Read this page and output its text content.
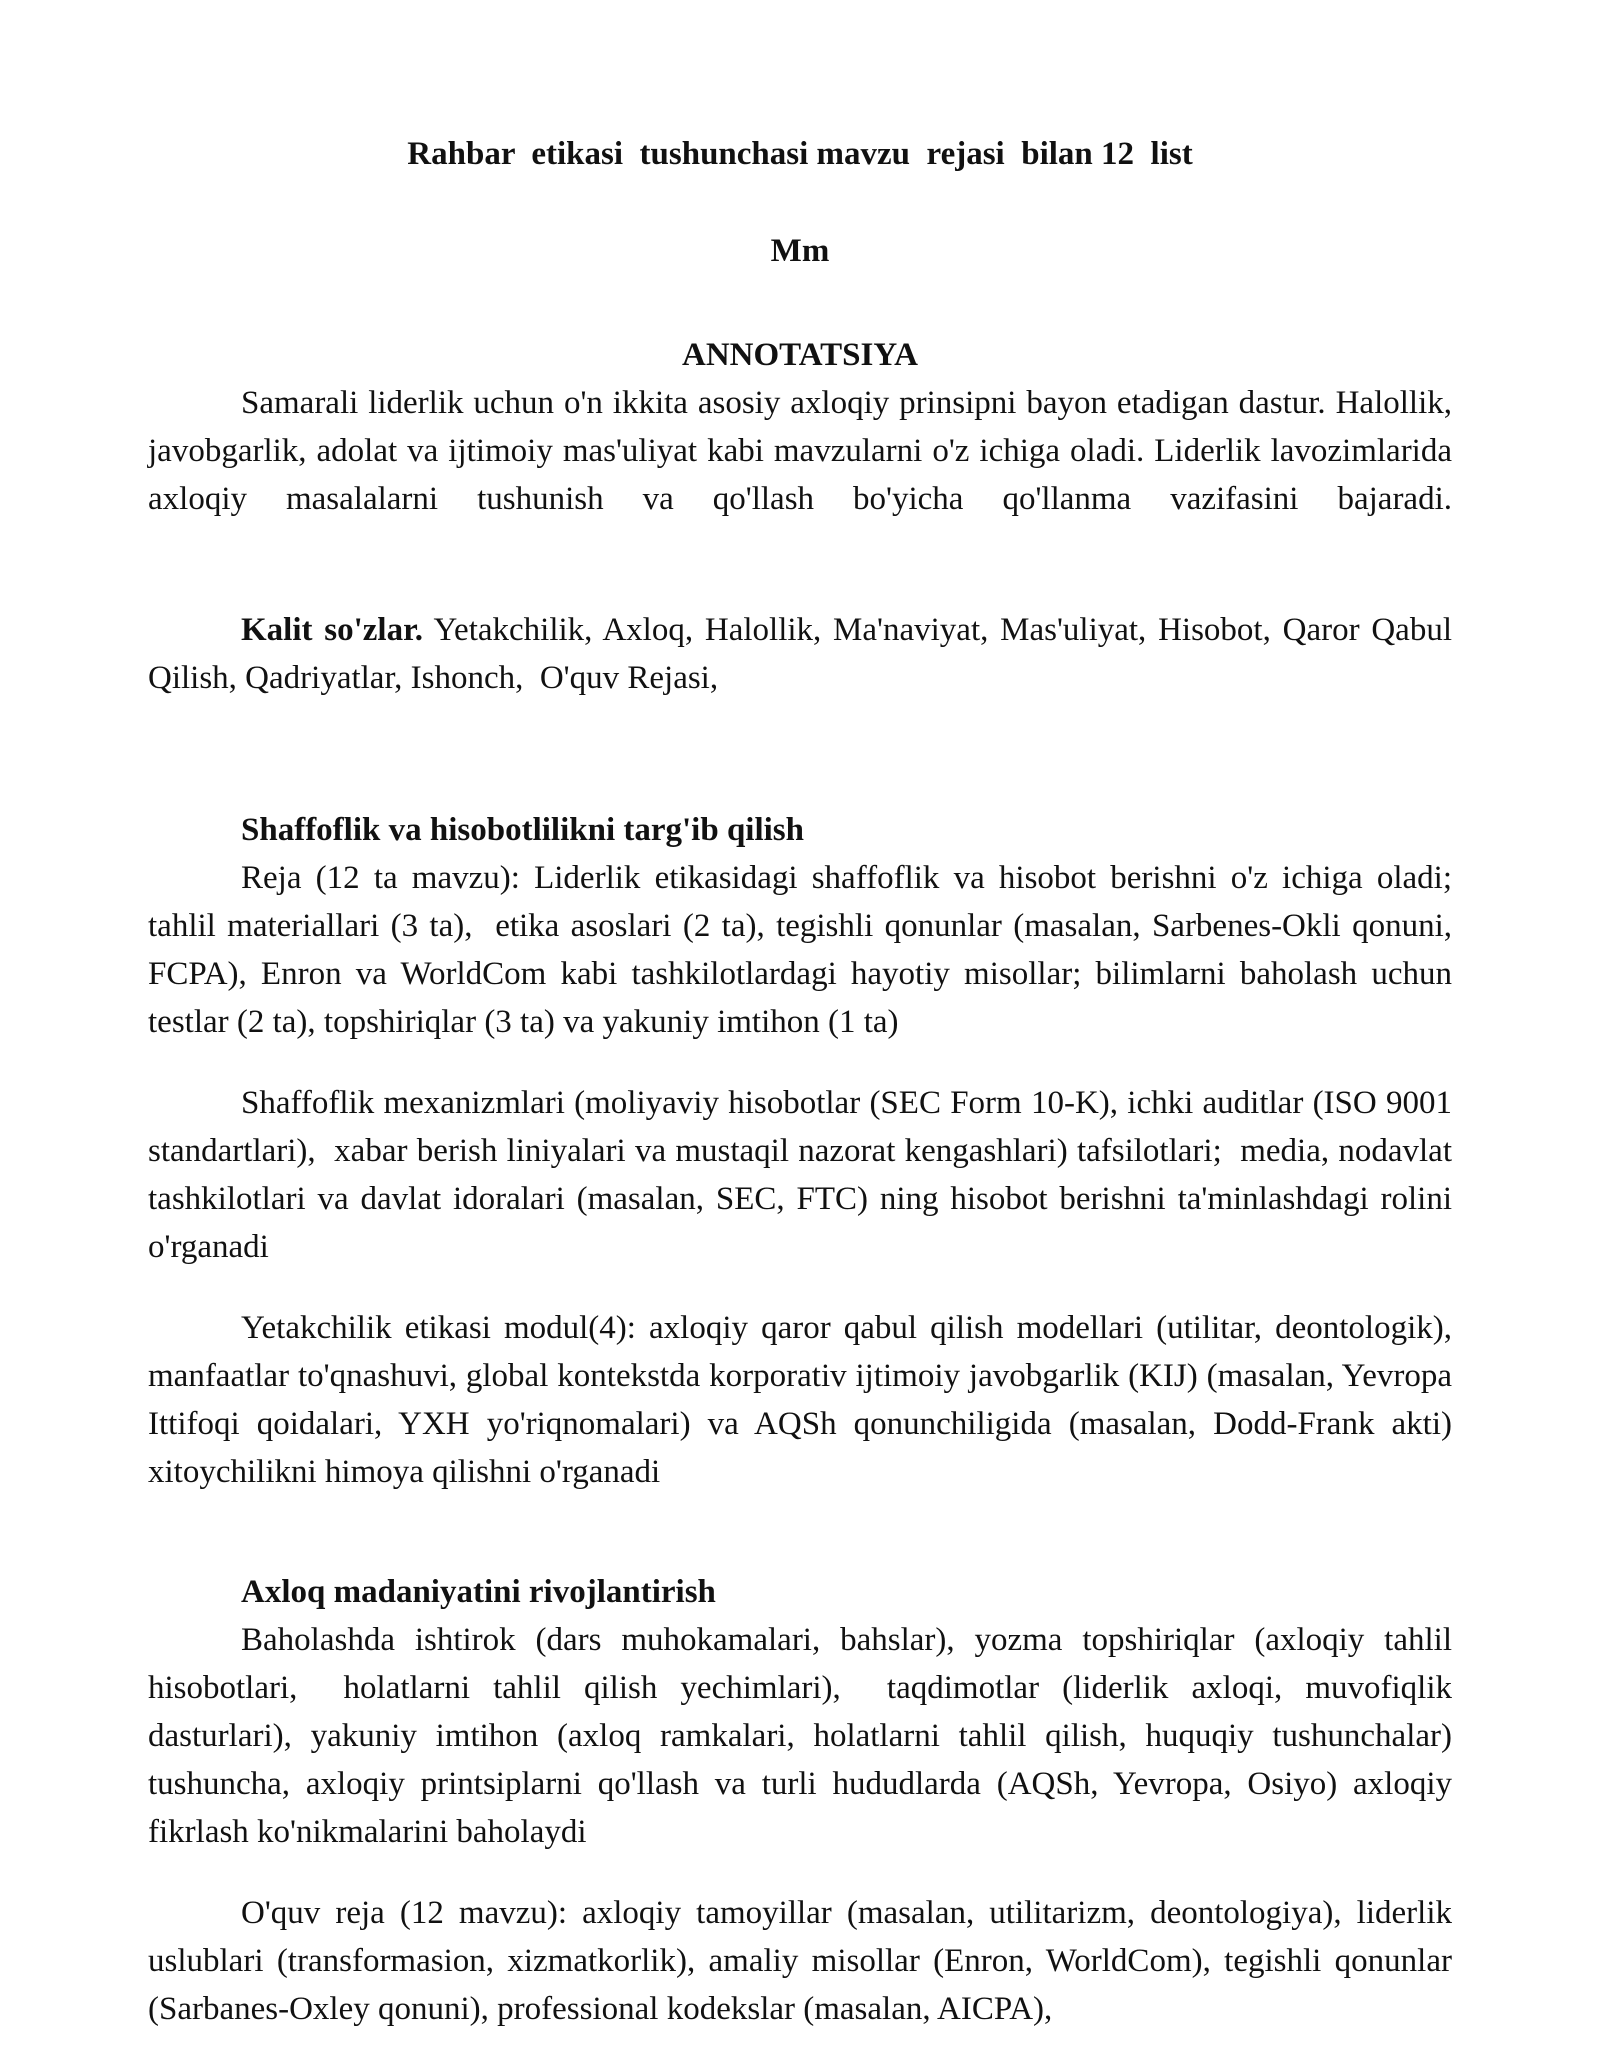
Rahbar  etikasi  tushunchasi mavzu  rejasi  bilan 12  list
Mm
ANNOTATSIYA

Samarali liderlik uchun o'n ikkita asosiy axloqiy prinsipni bayon etadigan dastur. Halollik, javobgarlik, adolat va ijtimoiy mas'uliyat kabi mavzularni o'z ichiga oladi. Liderlik lavozimlarida axloqiy masalalarni tushunish va qo'llash bo'yicha qo'llanma vazifasini bajaradi.

Kalit so'zlar. Yetakchilik, Axloq, Halollik, Ma'naviyat, Mas'uliyat, Hisobot, Qaror Qabul Qilish, Qadriyatlar, Ishonch,  O'quv Rejasi,

Shaffoflik va hisobotlilikni targ'ib qilish

Reja (12 ta mavzu): Liderlik etikasidagi shaffoflik va hisobot berishni o'z ichiga oladi;  tahlil materiallari (3 ta),  etika asoslari (2 ta), tegishli qonunlar (masalan, Sarbenes-Okli qonuni, FCPA), Enron va WorldCom kabi tashkilotlardagi hayotiy misollar; bilimlarni baholash uchun testlar (2 ta), topshiriqlar (3 ta) va yakuniy imtihon (1 ta)

Shaffoflik mexanizmlari (moliyaviy hisobotlar (SEC Form 10-K), ichki auditlar (ISO 9001 standartlari),  xabar berish liniyalari va mustaqil nazorat kengashlari) tafsilotlari;  media, nodavlat tashkilotlari va davlat idoralari (masalan, SEC, FTC) ning hisobot berishni ta'minlashdagi rolini o'rganadi

Yetakchilik etikasi modul(4): axloqiy qaror qabul qilish modellari (utilitar, deontologik), manfaatlar to'qnashuvi, global kontekstda korporativ ijtimoiy javobgarlik (KIJ) (masalan, Yevropa Ittifoqi qoidalari, YXH yo'riqnomalari) va AQSh qonunchiligida (masalan, Dodd-Frank akti)  xitoychilikni himoya qilishni o'rganadi

Axloq madaniyatini rivojlantirish

Baholashda ishtirok (dars muhokamalari, bahslar), yozma topshiriqlar (axloqiy tahlil hisobotlari,  holatlarni tahlil qilish yechimlari),  taqdimotlar (liderlik axloqi, muvofiqlik dasturlari), yakuniy imtihon (axloq ramkalari, holatlarni tahlil qilish, huquqiy tushunchalar)  tushuncha, axloqiy printsiplarni qo'llash va turli hududlarda (AQSh, Yevropa, Osiyo) axloqiy fikrlash ko'nikmalarini baholaydi

O'quv reja (12 mavzu): axloqiy tamoyillar (masalan, utilitarizm, deontologiya), liderlik uslublari (transformasion, xizmatkorlik), amaliy misollar (Enron, WorldCom), tegishli qonunlar (Sarbanes-Oxley qonuni), professional kodekslar (masalan, AICPA),
